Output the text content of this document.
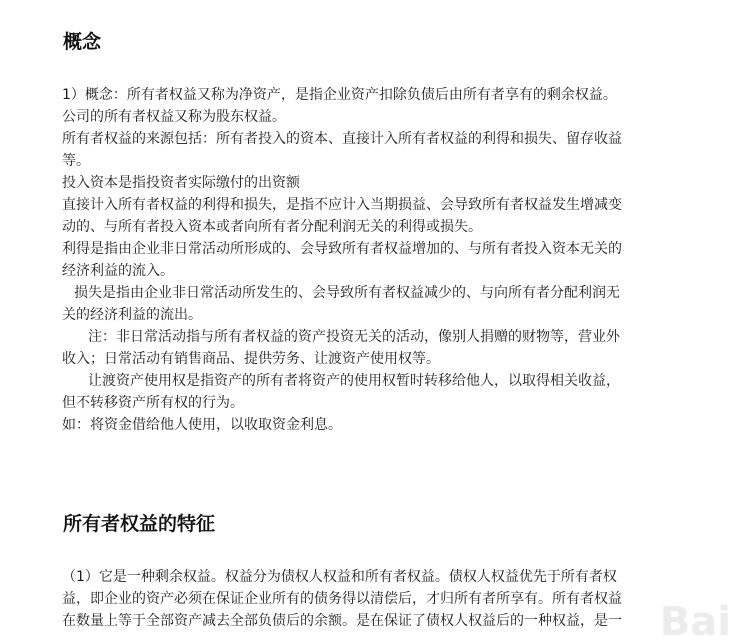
概念
1）概念：所有者权益又称为净资产，是指企业资产扣除负债后由所有者享有的剩余权益。
公司的所有者权益又称为股东权益。
所有者权益的来源包括：所有者投入的资本、直接计入所有者权益的利得和损失、留存收益
等。
投入资本是指投资者实际缴付的出资额
直接计入所有者权益的利得和损失，是指不应计入当期损益、会导致所有者权益发生增减变
动的、与所有者投入资本或者向所有者分配利润无关的利得或损失。
利得是指由企业非日常活动所形成的、会导致所有者权益增加的、与所有者投入资本无关的
经济利益的流入。
损失是指由企业非日常活动所发生的、会导致所有者权益减少的、与向所有者分配利润无
关的经济利益的流出。
注：非日常活动指与所有者权益的资产投资无关的活动，像别人捐赠的财物等，营业外
收入；日常活动有销售商品、提供劳务、让渡资产使用权等。
让渡资产使用权是指资产的所有者将资产的使用权暂时转移给他人，以取得相关收益，
但不转移资产所有权的行为。
如：将资金借给他人使用，以收取资金利息。
所有者权益的特征
（1）它是一种剩余权益。权益分为债权人权益和所有者权益。债权人权益优先于所有者权
益，即企业的资产必须在保证企业所有的债务得以清偿后，才归所有者所享有。所有者权益
在数量上等于全部资产减去全部负债后的余额。是在保证了债权人权益后的一种权益，是一 Bai
